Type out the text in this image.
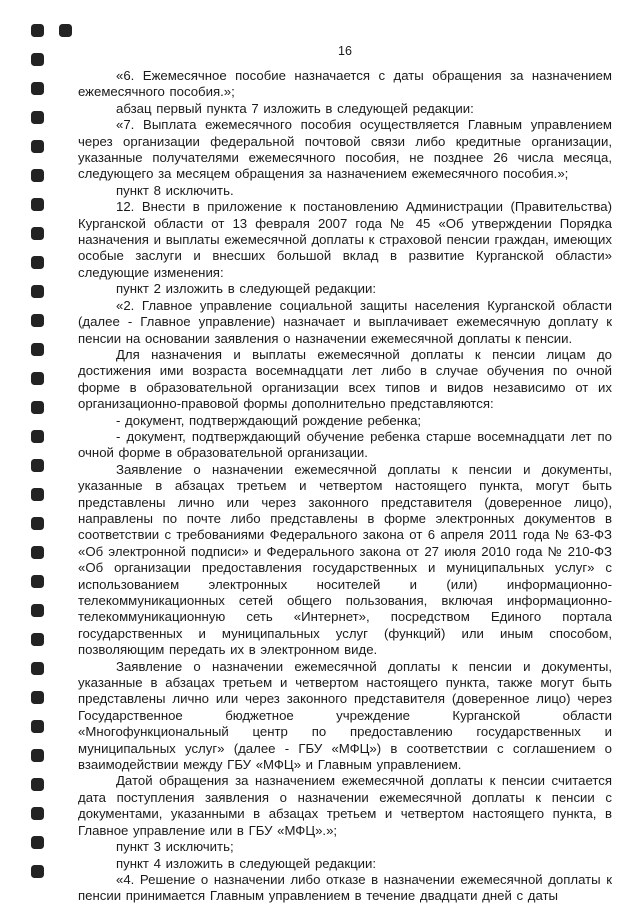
16

«6. Ежемесячное пособие назначается с даты обращения за назначением ежемесячного пособия.»;

абзац первый пункта 7 изложить в следующей редакции:

«7. Выплата ежемесячного пособия осуществляется Главным управлением через организации федеральной почтовой связи либо кредитные организации, указанные получателями ежемесячного пособия, не позднее 26 числа месяца, следующего за месяцем обращения за назначением ежемесячного пособия.»;

пункт 8 исключить.

12. Внести в приложение к постановлению Администрации (Правительства) Курганской области от 13 февраля 2007 года № 45 «Об утверждении Порядка назначения и выплаты ежемесячной доплаты к страховой пенсии граждан, имеющих особые заслуги и внесших большой вклад в развитие Курганской области» следующие изменения:

пункт 2 изложить в следующей редакции:

«2. Главное управление социальной защиты населения Курганской области (далее - Главное управление) назначает и выплачивает ежемесячную доплату к пенсии на основании заявления о назначении ежемесячной доплаты к пенсии.

Для назначения и выплаты ежемесячной доплаты к пенсии лицам до достижения ими возраста восемнадцати лет либо в случае обучения по очной форме в образовательной организации всех типов и видов независимо от их организационно-правовой формы дополнительно представляются:

- документ, подтверждающий рождение ребенка;

- документ, подтверждающий обучение ребенка старше восемнадцати лет по очной форме в образовательной организации.

Заявление о назначении ежемесячной доплаты к пенсии и документы, указанные в абзацах третьем и четвертом настоящего пункта, могут быть представлены лично или через законного представителя (доверенное лицо), направлены по почте либо представлены в форме электронных документов в соответствии с требованиями Федерального закона от 6 апреля 2011 года № 63-ФЗ «Об электронной подписи» и Федерального закона от 27 июля 2010 года № 210-ФЗ «Об организации предоставления государственных и муниципальных услуг» с использованием электронных носителей и (или) информационно-телекоммуникационных сетей общего пользования, включая информационно-телекоммуникационную сеть «Интернет», посредством Единого портала государственных и муниципальных услуг (функций) или иным способом, позволяющим передать их в электронном виде.

Заявление о назначении ежемесячной доплаты к пенсии и документы, указанные в абзацах третьем и четвертом настоящего пункта, также могут быть представлены лично или через законного представителя (доверенное лицо) через Государственное бюджетное учреждение Курганской области «Многофункциональный центр по предоставлению государственных и муниципальных услуг» (далее - ГБУ «МФЦ») в соответствии с соглашением о взаимодействии между ГБУ «МФЦ» и Главным управлением.

Датой обращения за назначением ежемесячной доплаты к пенсии считается дата поступления заявления о назначении ежемесячной доплаты к пенсии с документами, указанными в абзацах третьем и четвертом настоящего пункта, в Главное управление или в ГБУ «МФЦ».»;

пункт 3 исключить;

пункт 4 изложить в следующей редакции:

«4. Решение о назначении либо отказе в назначении ежемесячной доплаты к пенсии принимается Главным управлением в течение двадцати дней с даты
